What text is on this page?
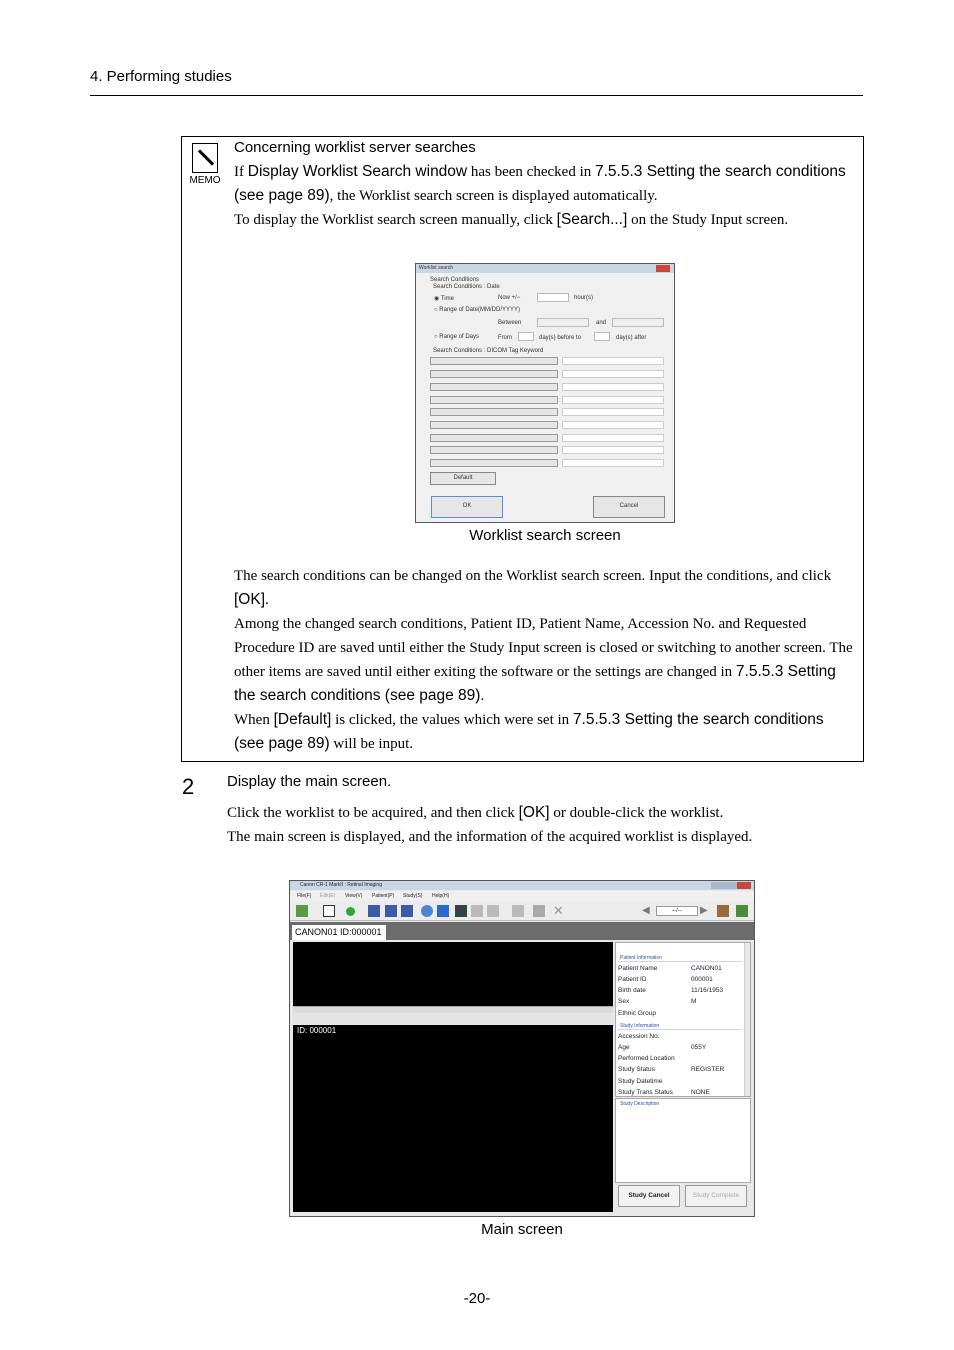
4. Performing studies
MEMO
Concerning worklist server searches
If Display Worklist Search window has been checked in 7.5.5.3 Setting the search conditions (see page 89), the Worklist search screen is displayed automatically.
To display the Worklist search screen manually, click [Search...] on the Study Input screen.
Worklist search screen
The search conditions can be changed on the Worklist search screen. Input the conditions, and click [OK].
Among the changed search conditions, Patient ID, Patient Name, Accession No. and Requested Procedure ID are saved until either the Study Input screen is closed or switching to another screen. The other items are saved until either exiting the software or the settings are changed in 7.5.5.3 Setting the search conditions (see page 89).
When [Default] is clicked, the values which were set in 7.5.5.3 Setting the search conditions (see page 89) will be input.
Worklist search
Search Conditions
Search Conditions : Date
◉ Time	Now +/−	hour(s)
○ Range of Date(MM/DD/YYYY)
Between	and
○ Range of Days	From	day(s) before to	day(s) after
Search Conditions : DICOM Tag Keyword
Default
OK	Cancel
2 Display the main screen.
Click the worklist to be acquired, and then click [OK] or double-click the worklist.
The main screen is displayed, and the information of the acquired worklist is displayed.
Canon CR-1 MarkII : Retinal Imaging
File(F) Edit(E) View(V) Patient(P) Study(S) Help(H)
✕	◀	--/--	▶
CANON01 ID:000001
ID: 000001
Patient Information
Patient Name	CANON01
Patient ID	000001
Birth date	11/16/1953
Sex	M
Ethnic Group
Study Information
Accession No.
Age	055Y
Performed Location
Study Status	REGISTER
Study Datetime
Study Trans Status	NONE
Study Description
Study Cancel	Study Complete
Main screen
-20-
